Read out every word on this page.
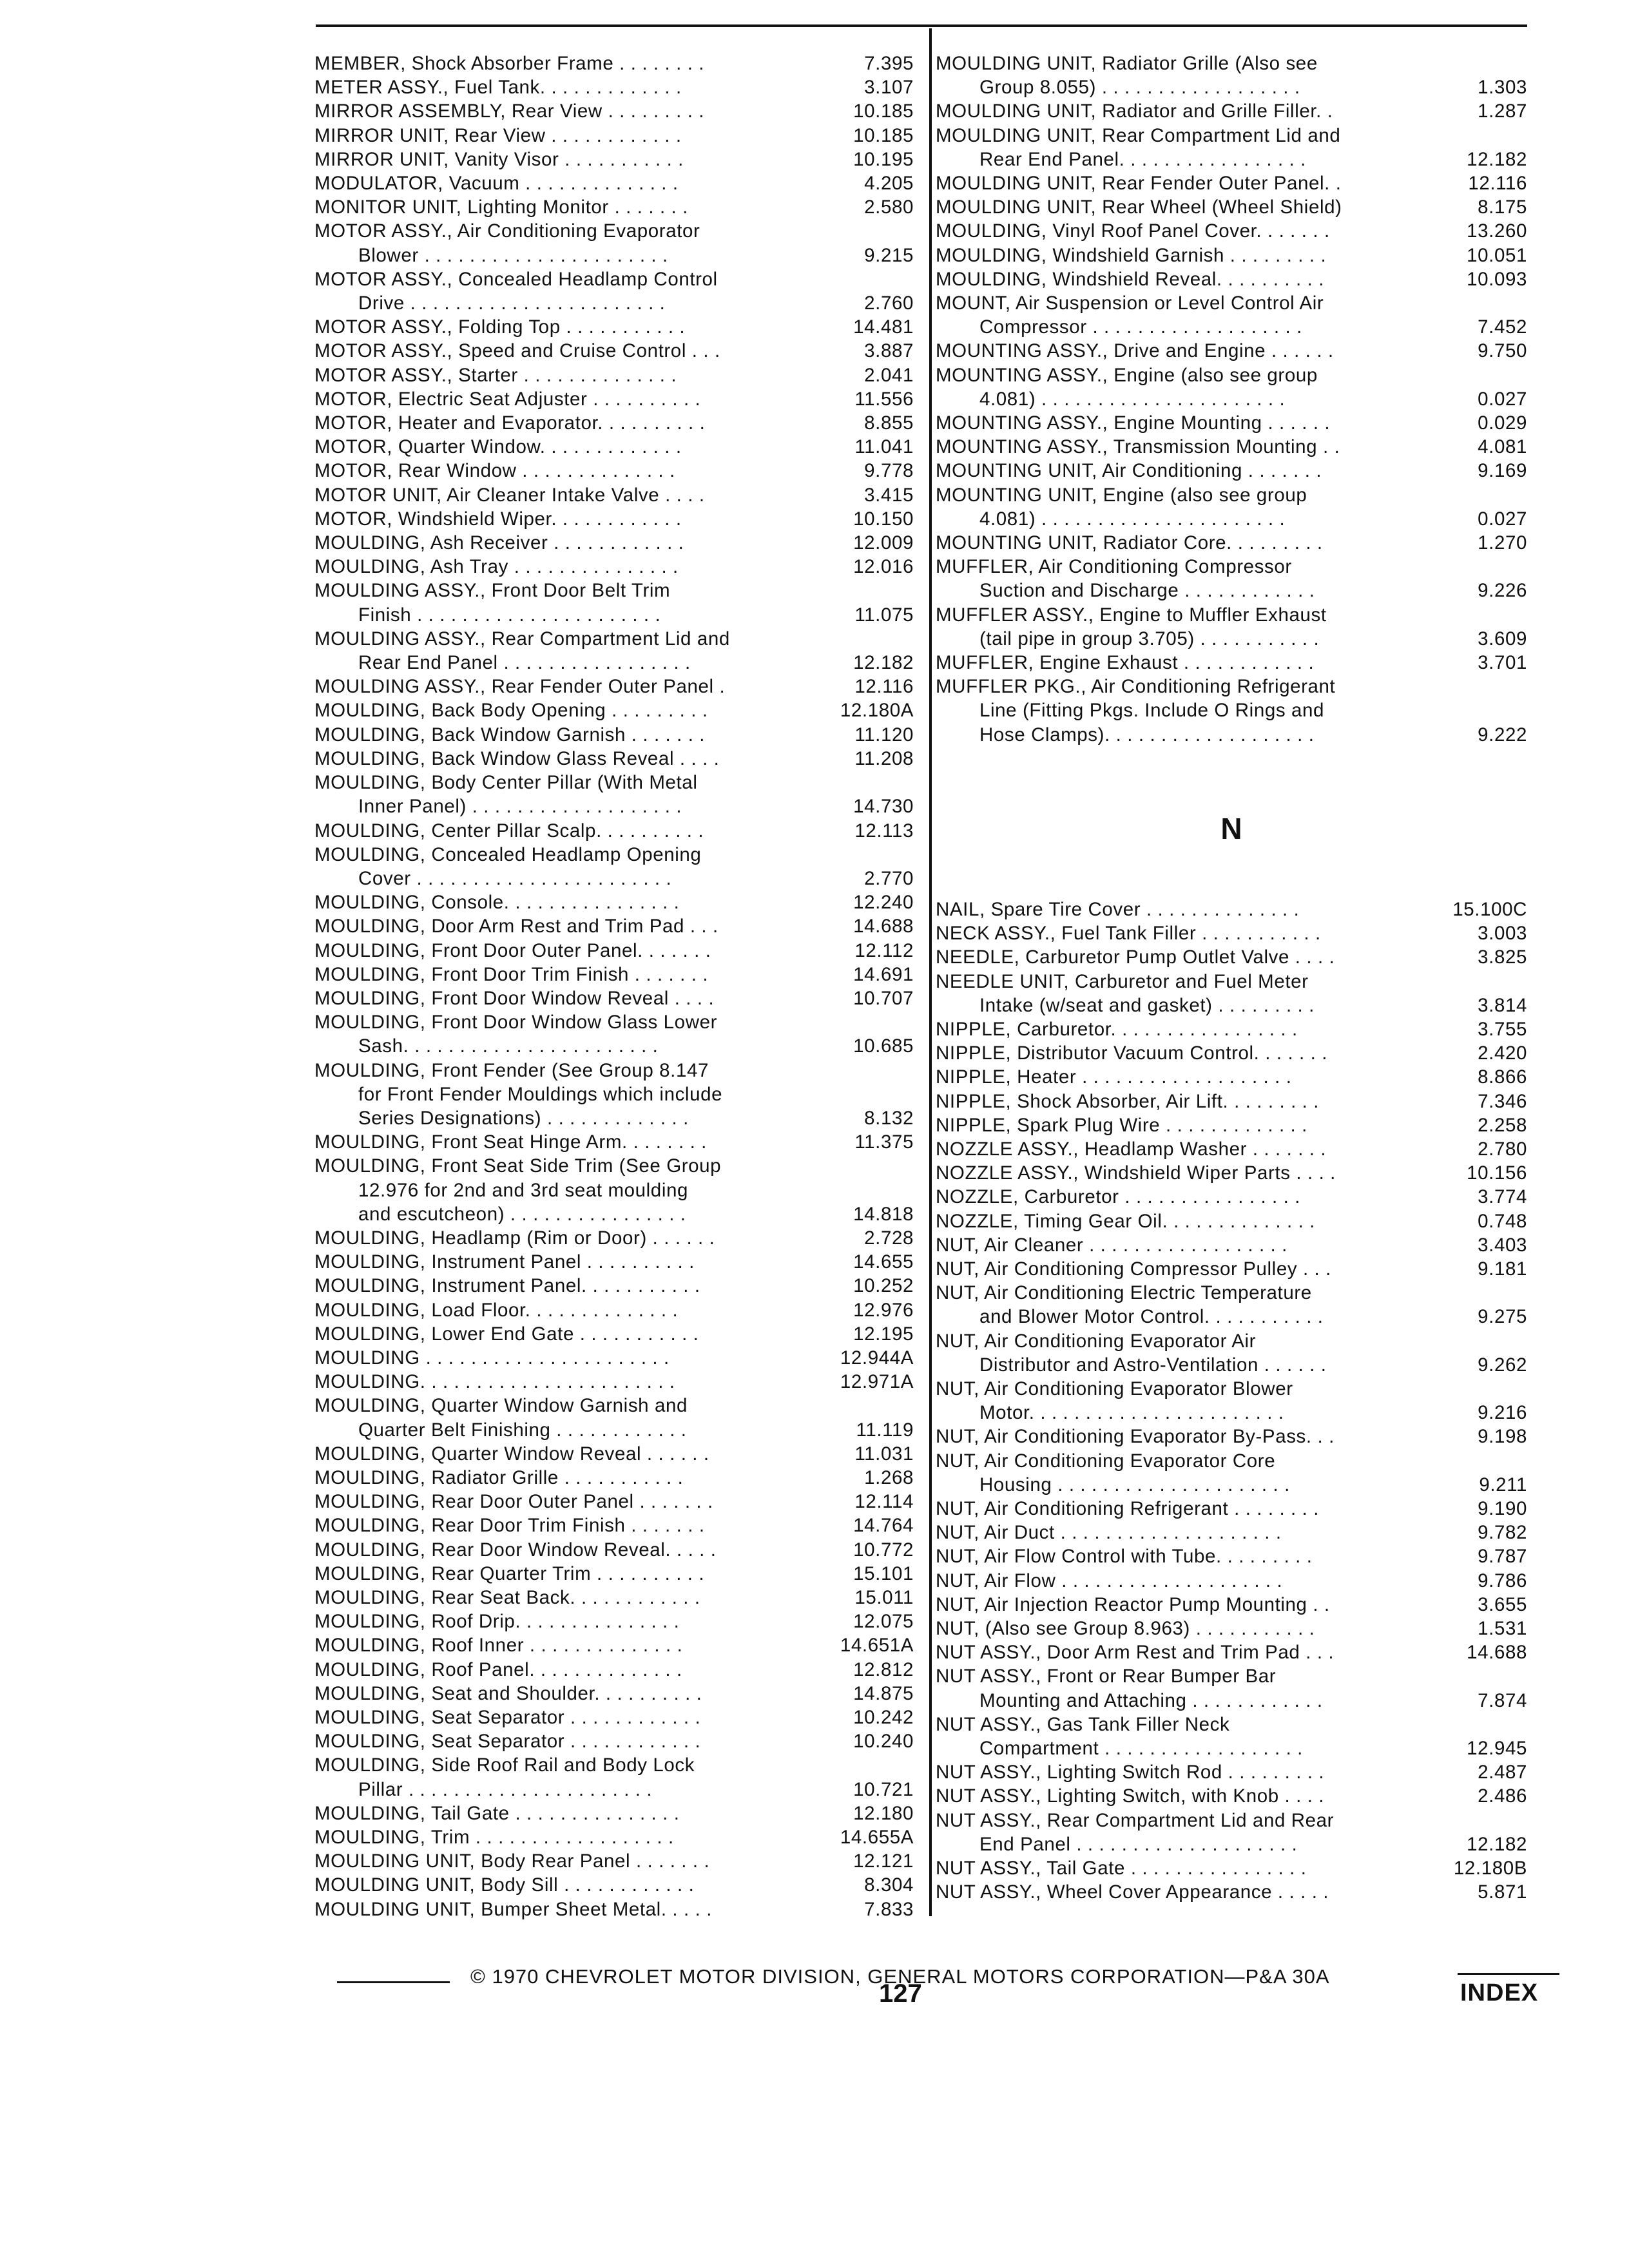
MEMBER, Shock Absorber Frame . . . . . . . .	7.395
METER ASSY., Fuel Tank. . . . . . . . . . . . .	3.107
MIRROR ASSEMBLY, Rear View . . . . . . . . .	10.185
MIRROR UNIT, Rear View . . . . . . . . . . . .	10.185
MIRROR UNIT, Vanity Visor . . . . . . . . . . .	10.195
MODULATOR, Vacuum . . . . . . . . . . . . . .	4.205
MONITOR UNIT, Lighting Monitor . . . . . . .	2.580
MOTOR ASSY., Air Conditioning Evaporator
Blower . . . . . . . . . . . . . . . . . . . . . .	9.215
MOTOR ASSY., Concealed Headlamp Control
Drive . . . . . . . . . . . . . . . . . . . . . . .	2.760
MOTOR ASSY., Folding Top . . . . . . . . . . .	14.481
MOTOR ASSY., Speed and Cruise Control . . .	3.887
MOTOR ASSY., Starter . . . . . . . . . . . . . .	2.041
MOTOR, Electric Seat Adjuster . . . . . . . . . .	11.556
MOTOR, Heater and Evaporator. . . . . . . . . .	8.855
MOTOR, Quarter Window. . . . . . . . . . . . .	11.041
MOTOR, Rear Window . . . . . . . . . . . . . .	9.778
MOTOR UNIT, Air Cleaner Intake Valve . . . .	3.415
MOTOR, Windshield Wiper. . . . . . . . . . . .	10.150
MOULDING, Ash Receiver . . . . . . . . . . . .	12.009
MOULDING, Ash Tray . . . . . . . . . . . . . . .	12.016
MOULDING ASSY., Front Door Belt Trim
Finish . . . . . . . . . . . . . . . . . . . . . .	11.075
MOULDING ASSY., Rear Compartment Lid and
Rear End Panel . . . . . . . . . . . . . . . . .	12.182
MOULDING ASSY., Rear Fender Outer Panel .	12.116
MOULDING, Back Body Opening . . . . . . . . .	12.180A
MOULDING, Back Window Garnish . . . . . . .	11.120
MOULDING, Back Window Glass Reveal . . . .	11.208
MOULDING, Body Center Pillar (With Metal
Inner Panel) . . . . . . . . . . . . . . . . . . .	14.730
MOULDING, Center Pillar Scalp. . . . . . . . . .	12.113
MOULDING, Concealed Headlamp Opening
Cover . . . . . . . . . . . . . . . . . . . . . . .	2.770
MOULDING, Console. . . . . . . . . . . . . . . .	12.240
MOULDING, Door Arm Rest and Trim Pad . . .	14.688
MOULDING, Front Door Outer Panel. . . . . . .	12.112
MOULDING, Front Door Trim Finish . . . . . . .	14.691
MOULDING, Front Door Window Reveal . . . .	10.707
MOULDING, Front Door Window Glass Lower
Sash. . . . . . . . . . . . . . . . . . . . . . .	10.685
MOULDING, Front Fender (See Group 8.147
for Front Fender Mouldings which include
Series Designations) . . . . . . . . . . . . .	8.132
MOULDING, Front Seat Hinge Arm. . . . . . . .	11.375
MOULDING, Front Seat Side Trim (See Group
12.976 for 2nd and 3rd seat moulding
and escutcheon) . . . . . . . . . . . . . . . .	14.818
MOULDING, Headlamp (Rim or Door) . . . . . .	2.728
MOULDING, Instrument Panel . . . . . . . . . .	14.655
MOULDING, Instrument Panel. . . . . . . . . . .	10.252
MOULDING, Load Floor. . . . . . . . . . . . . .	12.976
MOULDING, Lower End Gate . . . . . . . . . . .	12.195
MOULDING . . . . . . . . . . . . . . . . . . . . . .	12.944A
MOULDING. . . . . . . . . . . . . . . . . . . . . . .	12.971A
MOULDING, Quarter Window Garnish and
Quarter Belt Finishing . . . . . . . . . . . .	11.119
MOULDING, Quarter Window Reveal . . . . . .	11.031
MOULDING, Radiator Grille . . . . . . . . . . .	1.268
MOULDING, Rear Door Outer Panel . . . . . . .	12.114
MOULDING, Rear Door Trim Finish . . . . . . .	14.764
MOULDING, Rear Door Window Reveal. . . . .	10.772
MOULDING, Rear Quarter Trim . . . . . . . . . .	15.101
MOULDING, Rear Seat Back. . . . . . . . . . . .	15.011
MOULDING, Roof Drip. . . . . . . . . . . . . . .	12.075
MOULDING, Roof Inner . . . . . . . . . . . . . .	14.651A
MOULDING, Roof Panel. . . . . . . . . . . . . .	12.812
MOULDING, Seat and Shoulder. . . . . . . . . .	14.875
MOULDING, Seat Separator . . . . . . . . . . . .	10.242
MOULDING, Seat Separator . . . . . . . . . . . .	10.240
MOULDING, Side Roof Rail and Body Lock
Pillar . . . . . . . . . . . . . . . . . . . . . .	10.721
MOULDING, Tail Gate . . . . . . . . . . . . . . .	12.180
MOULDING, Trim . . . . . . . . . . . . . . . . . .	14.655A
MOULDING UNIT, Body Rear Panel . . . . . . .	12.121
MOULDING UNIT, Body Sill . . . . . . . . . . . .	8.304
MOULDING UNIT, Bumper Sheet Metal. . . . .	7.833
MOULDING UNIT, Radiator Grille (Also see
Group 8.055) . . . . . . . . . . . . . . . . . .	1.303
MOULDING UNIT, Radiator and Grille Filler. .	1.287
MOULDING UNIT, Rear Compartment Lid and
Rear End Panel. . . . . . . . . . . . . . . . .	12.182
MOULDING UNIT, Rear Fender Outer Panel. .	12.116
MOULDING UNIT, Rear Wheel (Wheel Shield)	8.175
MOULDING, Vinyl Roof Panel Cover. . . . . . .	13.260
MOULDING, Windshield Garnish . . . . . . . . .	10.051
MOULDING, Windshield Reveal. . . . . . . . . .	10.093
MOUNT, Air Suspension or Level Control Air
Compressor . . . . . . . . . . . . . . . . . . .	7.452
MOUNTING ASSY., Drive and Engine . . . . . .	9.750
MOUNTING ASSY., Engine (also see group
4.081) . . . . . . . . . . . . . . . . . . . . . .	0.027
MOUNTING ASSY., Engine Mounting . . . . . .	0.029
MOUNTING ASSY., Transmission Mounting . .	4.081
MOUNTING UNIT, Air Conditioning . . . . . . .	9.169
MOUNTING UNIT, Engine (also see group
4.081) . . . . . . . . . . . . . . . . . . . . . .	0.027
MOUNTING UNIT, Radiator Core. . . . . . . . .	1.270
MUFFLER, Air Conditioning Compressor
Suction and Discharge . . . . . . . . . . . .	9.226
MUFFLER ASSY., Engine to Muffler Exhaust
(tail pipe in group 3.705) . . . . . . . . . . .	3.609
MUFFLER, Engine Exhaust . . . . . . . . . . . .	3.701
MUFFLER PKG., Air Conditioning Refrigerant
Line (Fitting Pkgs. Include O Rings and
Hose Clamps). . . . . . . . . . . . . . . . . . .	9.222
N
NAIL, Spare Tire Cover . . . . . . . . . . . . . .	15.100C
NECK ASSY., Fuel Tank Filler . . . . . . . . . . .	3.003
NEEDLE, Carburetor Pump Outlet Valve . . . .	3.825
NEEDLE UNIT, Carburetor and Fuel Meter
Intake (w/seat and gasket) . . . . . . . . .	3.814
NIPPLE, Carburetor. . . . . . . . . . . . . . . . .	3.755
NIPPLE, Distributor Vacuum Control. . . . . . .	2.420
NIPPLE, Heater . . . . . . . . . . . . . . . . . . .	8.866
NIPPLE, Shock Absorber, Air Lift. . . . . . . . .	7.346
NIPPLE, Spark Plug Wire . . . . . . . . . . . . .	2.258
NOZZLE ASSY., Headlamp Washer . . . . . . .	2.780
NOZZLE ASSY., Windshield Wiper Parts . . . .	10.156
NOZZLE, Carburetor . . . . . . . . . . . . . . . .	3.774
NOZZLE, Timing Gear Oil. . . . . . . . . . . . . .	0.748
NUT, Air Cleaner . . . . . . . . . . . . . . . . . .	3.403
NUT, Air Conditioning Compressor Pulley . . .	9.181
NUT, Air Conditioning Electric Temperature
and Blower Motor Control. . . . . . . . . . .	9.275
NUT, Air Conditioning Evaporator Air
Distributor and Astro-Ventilation . . . . . .	9.262
NUT, Air Conditioning Evaporator Blower
Motor. . . . . . . . . . . . . . . . . . . . . . .	9.216
NUT, Air Conditioning Evaporator By-Pass. . .	9.198
NUT, Air Conditioning Evaporator Core
Housing . . . . . . . . . . . . . . . . . . . . .	9.211
NUT, Air Conditioning Refrigerant . . . . . . . .	9.190
NUT, Air Duct . . . . . . . . . . . . . . . . . . . .	9.782
NUT, Air Flow Control with Tube. . . . . . . . .	9.787
NUT, Air Flow . . . . . . . . . . . . . . . . . . . .	9.786
NUT, Air Injection Reactor Pump Mounting . .	3.655
NUT, (Also see Group 8.963) . . . . . . . . . . .	1.531
NUT ASSY., Door Arm Rest and Trim Pad . . .	14.688
NUT ASSY., Front or Rear Bumper Bar
Mounting and Attaching . . . . . . . . . . . .	7.874
NUT ASSY., Gas Tank Filler Neck
Compartment . . . . . . . . . . . . . . . . . .	12.945
NUT ASSY., Lighting Switch Rod . . . . . . . . .	2.487
NUT ASSY., Lighting Switch, with Knob . . . .	2.486
NUT ASSY., Rear Compartment Lid and Rear
End Panel . . . . . . . . . . . . . . . . . . . .	12.182
NUT ASSY., Tail Gate . . . . . . . . . . . . . . . .	12.180B
NUT ASSY., Wheel Cover Appearance . . . . .	5.871
© 1970 CHEVROLET MOTOR DIVISION, GENERAL MOTORS CORPORATION—P&A 30A
127	INDEX
